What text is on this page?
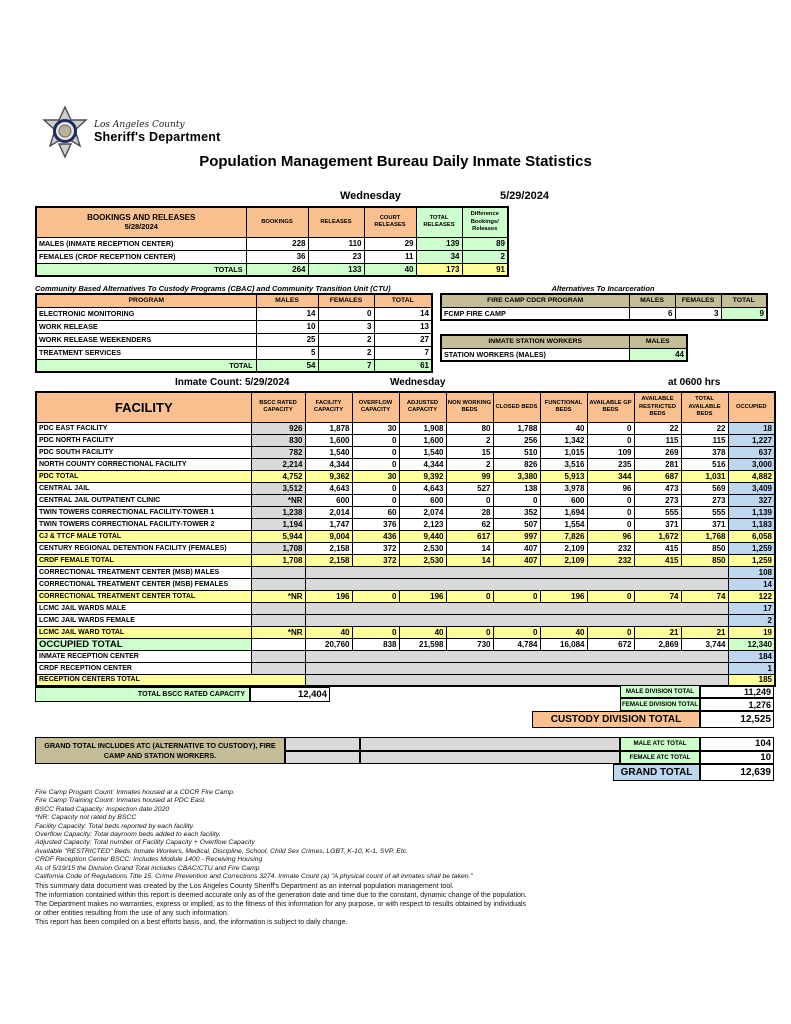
Los Angeles County
Sheriff's Department
Population Management Bureau Daily Inmate Statistics
Wednesday	5/29/2024
BOOKINGS AND RELEASES
5/28/2024	BOOKINGS	RELEASES	COURT RELEASES	TOTAL RELEASES	Difference Bookings/ Releases
MALES (INMATE RECEPTION CENTER)	228	110	29	139	89
FEMALES (CRDF RECEPTION CENTER)	36	23	11	34	2
TOTALS	264	133	40	173	91
Community Based Alternatives To Custody Programs (CBAC) and Community Transition Unit (CTU)
PROGRAM	MALES	FEMALES	TOTAL
ELECTRONIC MONITORING	14	0	14
WORK RELEASE	10	3	13
WORK RELEASE WEEKENDERS	25	2	27
TREATMENT SERVICES	5	2	7
TOTAL	54	7	61
Alternatives To Incarceration
FIRE CAMP CDCR PROGRAM	MALES	FEMALES	TOTAL
FCMP FIRE CAMP	6	3	9
INMATE STATION WORKERS	MALES
STATION WORKERS (MALES)	44
Inmate Count: 5/29/2024	Wednesday	at 0600 hrs
FACILITY	BSCC RATED CAPACITY	FACILITY CAPACITY	OVERFLOW CAPACITY	ADJUSTED CAPACITY	NON WORKING BEDS	CLOSED BEDS	FUNCTIONAL BEDS	AVAILABLE GP BEDS	AVAILABLE RESTRICTED BEDS	TOTAL AVAILABLE BEDS	OCCUPIED
PDC EAST FACILITY	926	1,878	30	1,908	80	1,788	40	0	22	22	18
PDC NORTH FACILITY	830	1,600	0	1,600	2	256	1,342	0	115	115	1,227
PDC SOUTH FACILITY	782	1,540	0	1,540	15	510	1,015	109	269	378	637
NORTH COUNTY CORRECTIONAL FACILITY	2,214	4,344	0	4,344	2	826	3,516	235	281	516	3,000
PDC TOTAL	4,752	9,362	30	9,392	99	3,380	5,913	344	687	1,031	4,882
CENTRAL JAIL	3,512	4,643	0	4,643	527	138	3,978	96	473	569	3,409
CENTRAL JAIL OUTPATIENT CLINIC	*NR	600	0	600	0	0	600	0	273	273	327
TWIN TOWERS CORRECTIONAL FACILITY-TOWER 1	1,238	2,014	60	2,074	28	352	1,694	0	555	555	1,139
TWIN TOWERS CORRECTIONAL FACILITY-TOWER 2	1,194	1,747	376	2,123	62	507	1,554	0	371	371	1,183
CJ & TTCF MALE TOTAL	5,944	9,004	436	9,440	617	997	7,826	96	1,672	1,768	6,058
CENTURY REGIONAL DETENTION FACILITY (FEMALES)	1,708	2,158	372	2,530	14	407	2,109	232	415	850	1,259
CRDF FEMALE TOTAL	1,708	2,158	372	2,530	14	407	2,109	232	415	850	1,259
CORRECTIONAL TREATMENT CENTER (MSB) MALES											108
CORRECTIONAL TREATMENT CENTER (MSB) FEMALES											14
CORRECTIONAL TREATMENT CENTER TOTAL	*NR	196	0	196	0	0	196	0	74	74	122
LCMC JAIL WARDS MALE											17
LCMC JAIL WARDS FEMALE											2
LCMC JAIL WARD TOTAL	*NR	40	0	40	0	0	40	0	21	21	19
OCCUPIED TOTAL		20,760	838	21,598	730	4,784	16,084	672	2,869	3,744	12,340
INMATE RECEPTION CENTER											184
CRDF RECEPTION CENTER											1
RECEPTION CENTERS TOTAL											185
TOTAL BSCC RATED CAPACITY	12,404	MALE DIVISION TOTAL	11,249
FEMALE DIVISION TOTAL	1,276
CUSTODY DIVISION TOTAL	12,525
GRAND TOTAL INCLUDES ATC (ALTERNATIVE TO CUSTODY), FIRE CAMP AND STATION WORKERS.
MALE ATC TOTAL	104
FEMALE ATC TOTAL	10
GRAND TOTAL	12,639
Fire Camp Progam Count: Inmates housed at a CDCR Fire Camp.
Fire Camp Training Count: Inmates housed at PDC East.
BSCC Rated Capacity: Inspection date 2020
*NR: Capacity not rated by BSCC
Facility Capacity: Total beds reported by each facility.
Overflow Capacity: Total dayroom beds added to each facility.
Adjusted Capacity: Total number of Facility Capacity + Overflow Capacity
Available "RESTRICTED" Beds: Inmate Workers, Medical, Discipline, School, Child Sex Crimes, LGBT, K-10, K-1, SVP, Etc.
CRDF Reception Center BSCC: Includes Module 1400 - Receiving Housing
As of 5/19/15 the Division Grand Total includes CBAC/CTU and Fire Camp
California Code of Regulations Title 15. Crime Prevention and Corrections 3274. Inmate Count (a) "A physical count of all inmates shall be taken."
This summary data document was created by the Los Angeles County Sheriff's Department as an internal population management tool.
The information contained within this report is deemed accurate only as of the generation date and time due to the constant, dynamic change of the population.
The Department makes no warranties, express or implied, as to the fitness of this information for any purpose, or with respect to results obtained by individuals
or other entities resulting from the use of any such information.
This report has been compiled on a best efforts basis, and, the information is subject to daily change.
